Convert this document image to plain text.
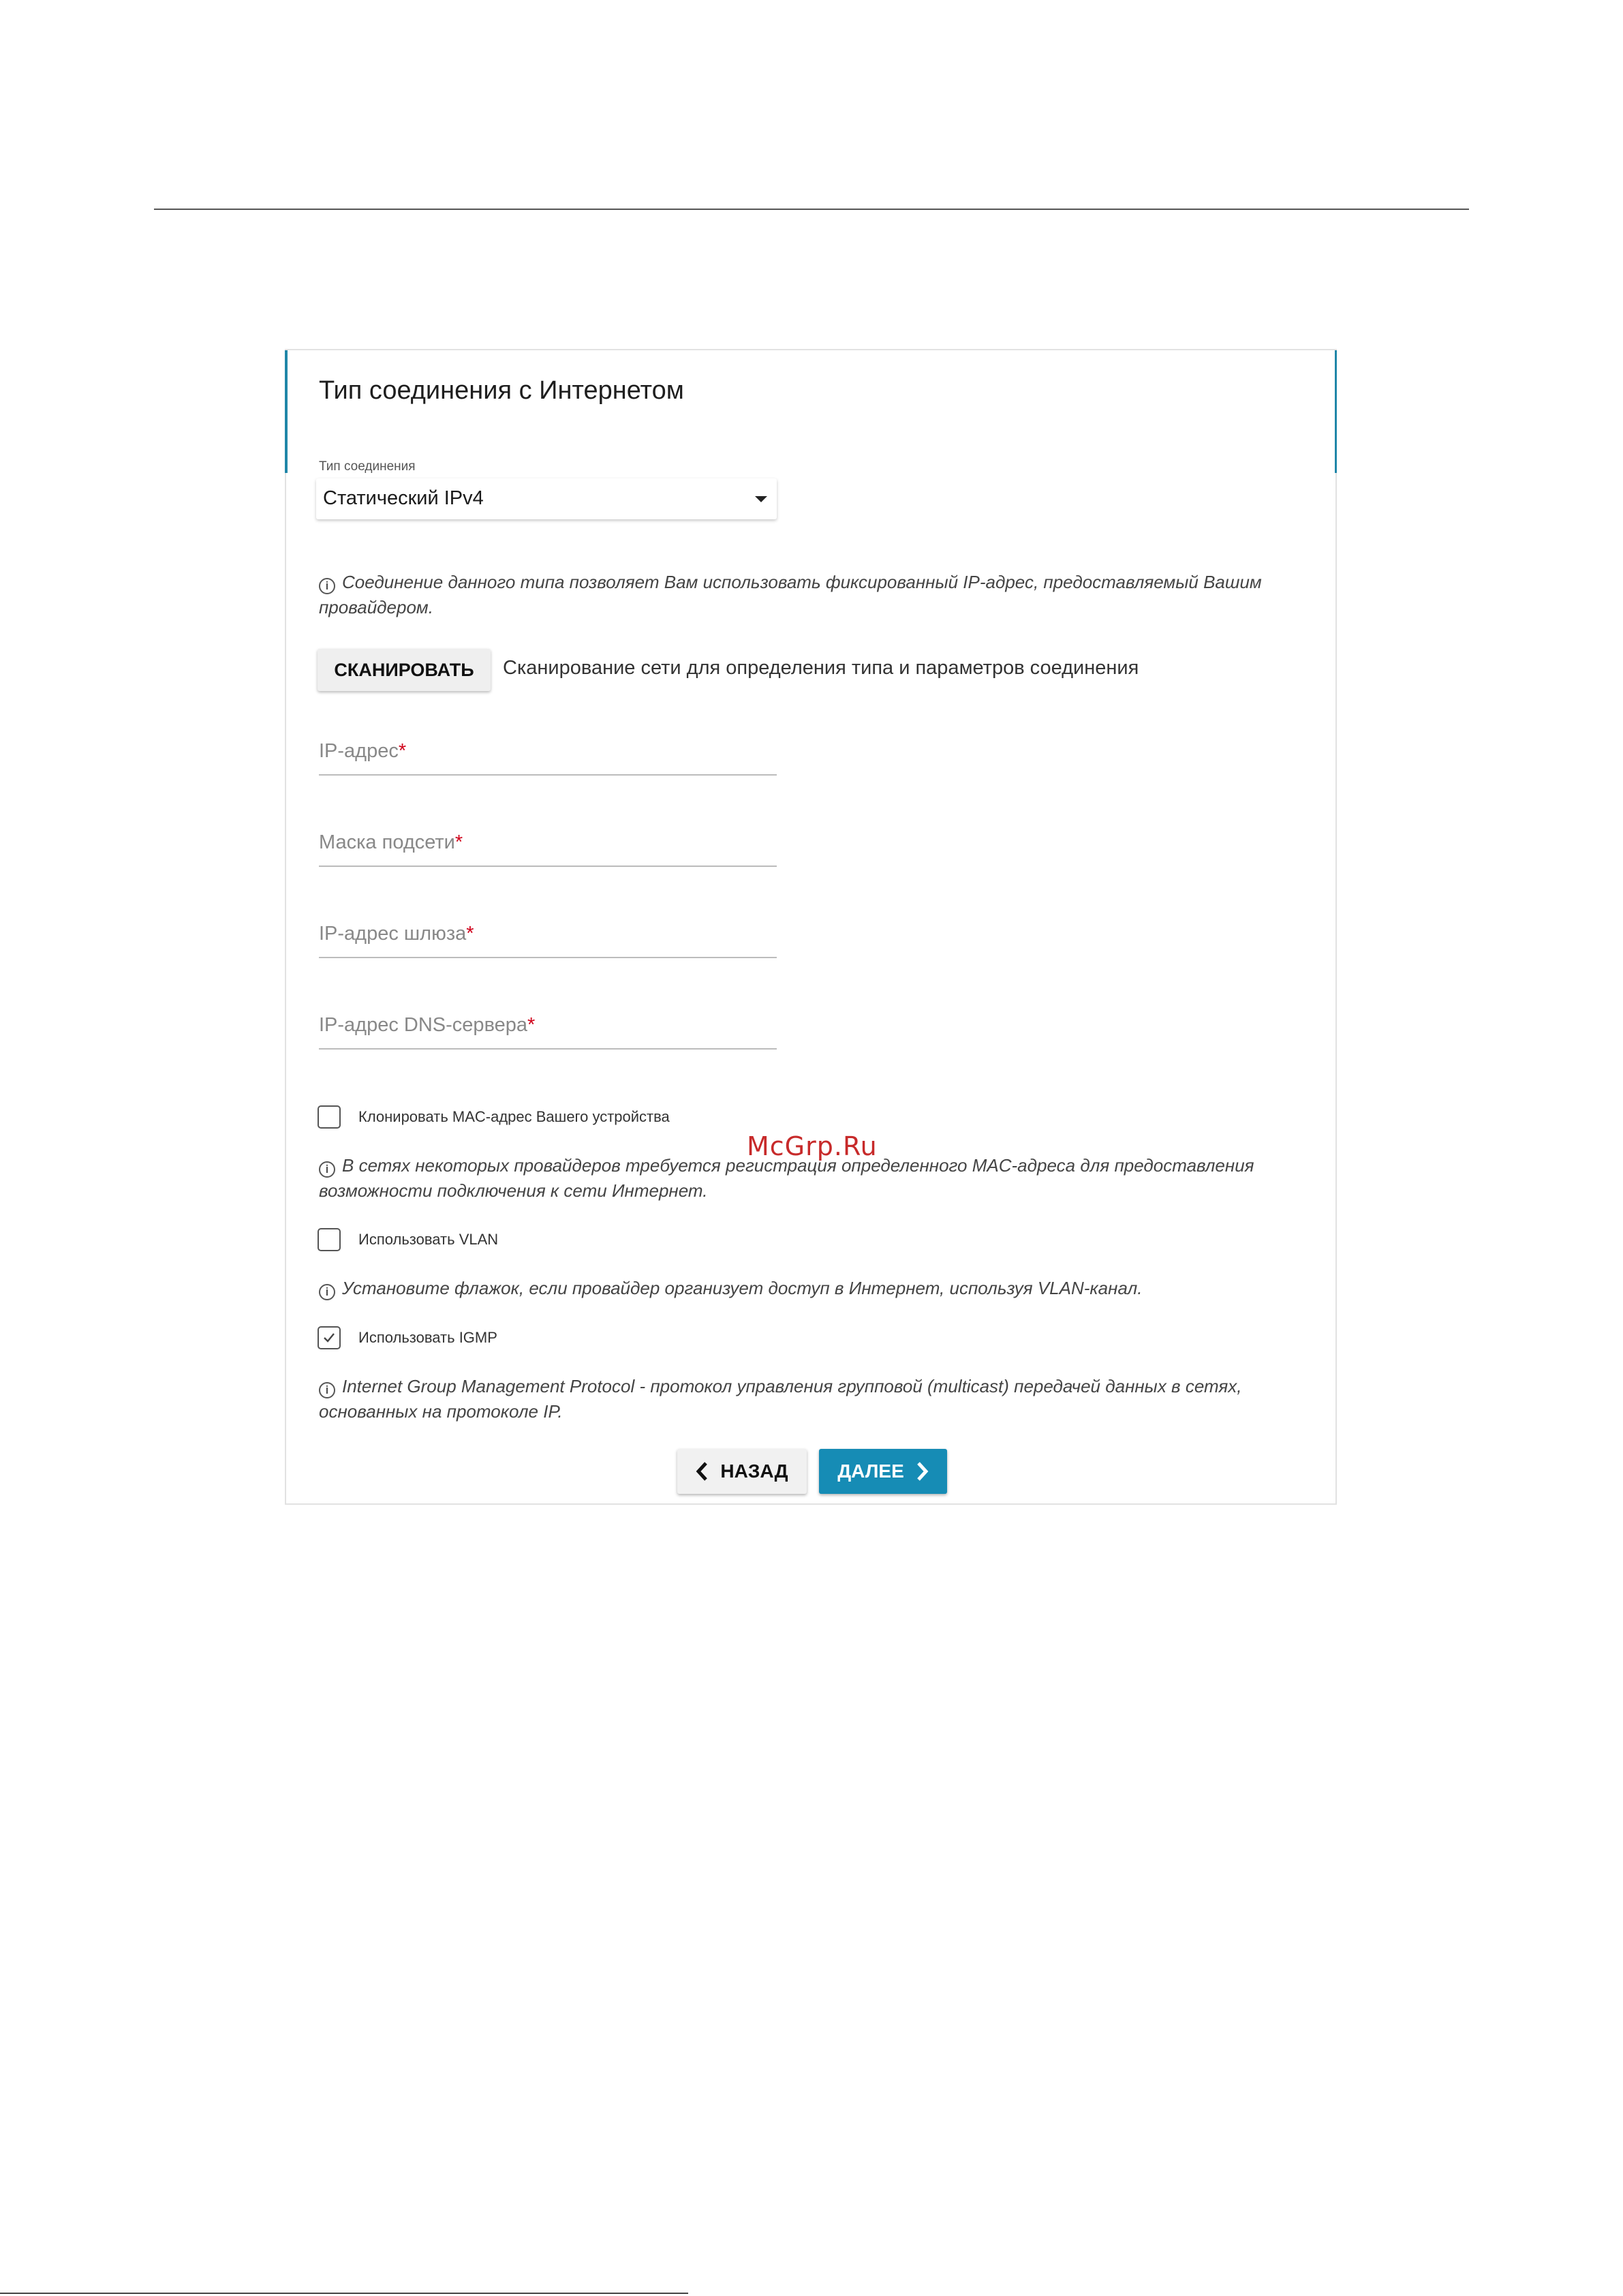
Тип соединения с Интернетом
Тип соединения
Статический IPv4
i Соединение данного типа позволяет Вам использовать фиксированный IP-адрес, предоставляемый Вашим провайдером.
СКАНИРОВАТЬ	Сканирование сети для определения типа и параметров соединения
IP-адрес*
Маска подсети*
IP-адрес шлюза*
IP-адрес DNS-сервера*
Клонировать MAC-адрес Вашего устройства
i В сетях некоторых провайдеров требуется регистрация определенного MAC-адреса для предоставления возможности подключения к сети Интернет.
Использовать VLAN
i Установите флажок, если провайдер организует доступ в Интернет, используя VLAN-канал.
Использовать IGMP
i Internet Group Management Protocol - протокол управления групповой (multicast) передачей данных в сетях, основанных на протоколе IP.
НАЗАД	ДАЛЕЕ
McGrp.Ru
